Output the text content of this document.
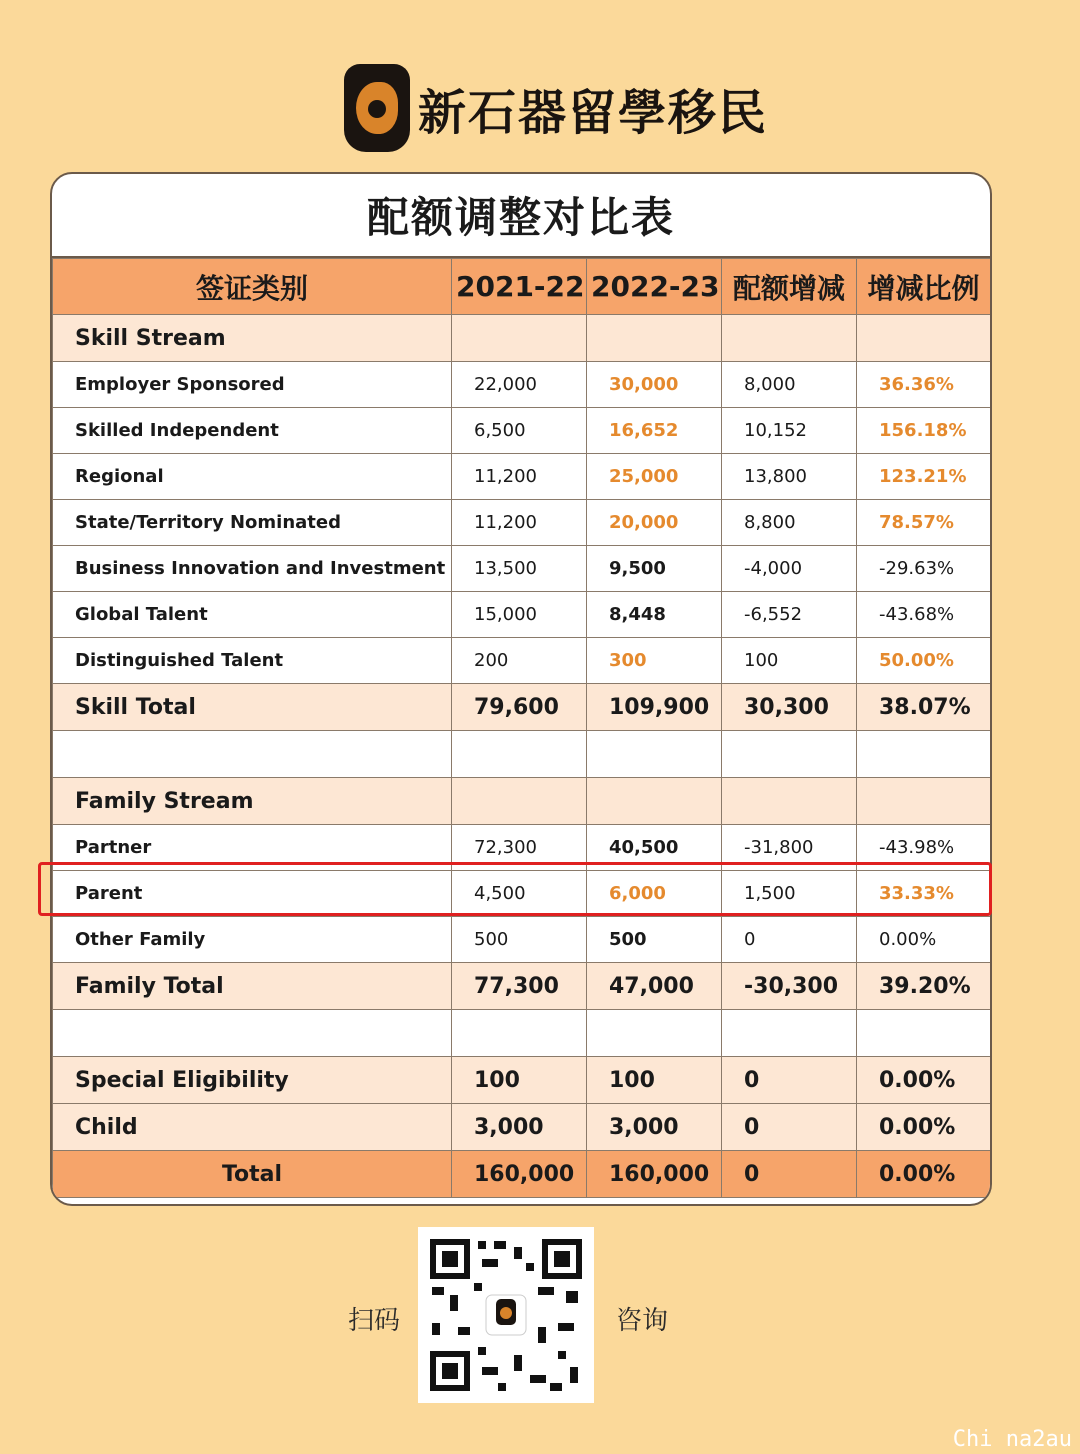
新石器留學移民
配额调整对比表
签证类别	2021-22	2022-23	配额增减	增减比例
Skill Stream				
Employer Sponsored	22,000	30,000	8,000	36.36%
Skilled Independent	6,500	16,652	10,152	156.18%
Regional	11,200	25,000	13,800	123.21%
State/Territory Nominated	11,200	20,000	8,800	78.57%
Business Innovation and Investment	13,500	9,500	-4,000	-29.63%
Global Talent	15,000	8,448	-6,552	-43.68%
Distinguished Talent	200	300	100	50.00%
Skill Total	79,600	109,900	30,300	38.07%

Family Stream				
Partner	72,300	40,500	-31,800	-43.98%
Parent	4,500	6,000	1,500	33.33%
Other Family	500	500	0	0.00%
Family Total	77,300	47,000	-30,300	39.20%

Special Eligibility	100	100	0	0.00%
Child	3,000	3,000	0	0.00%
Total	160,000	160,000	0	0.00%
扫码	咨询
Chi na2au
